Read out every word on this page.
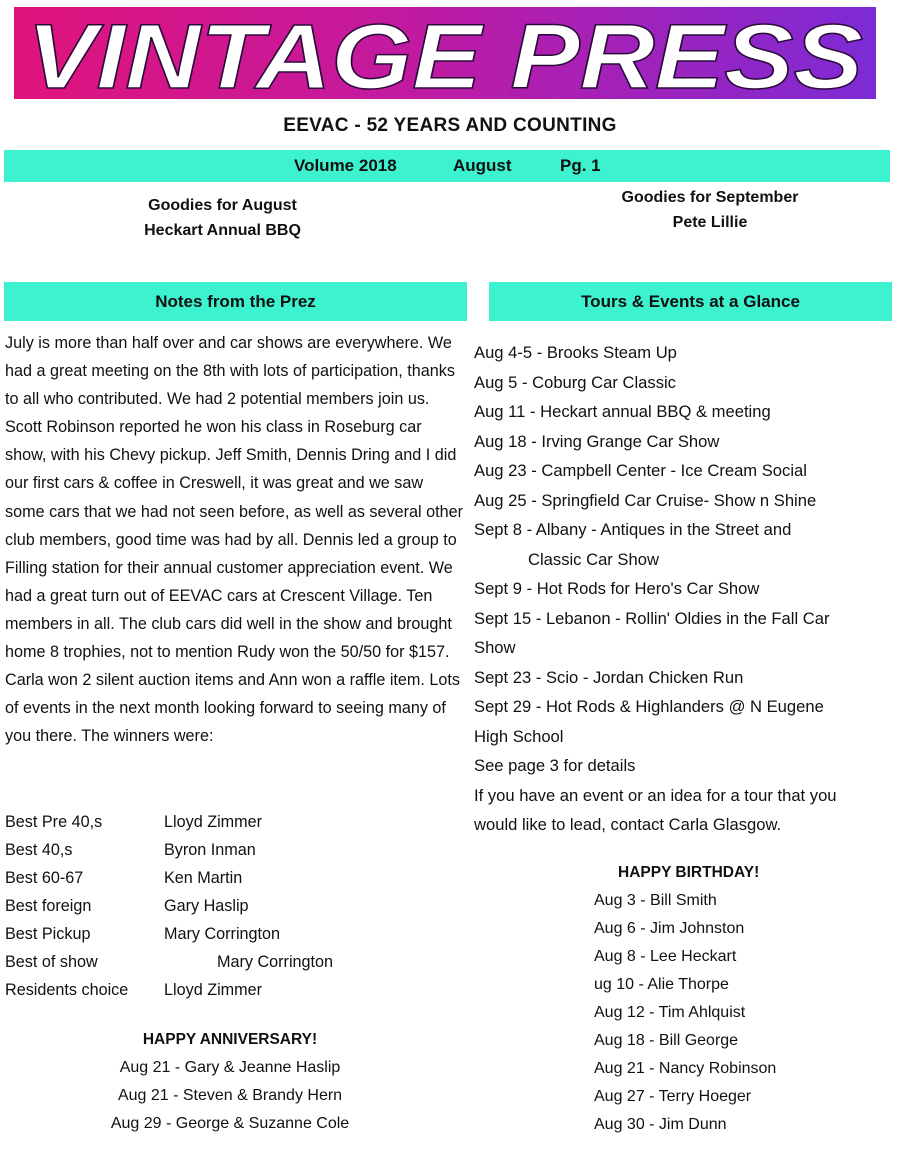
VINTAGE PRESS
EEVAC - 52 YEARS AND COUNTING
Volume 2018	August	Pg. 1
Goodies for August
Heckart Annual BBQ
Goodies for September
Pete Lillie
Notes from the Prez	Tours & Events at a Glance

July is more than half over and car shows are everywhere. We had a great meeting on the 8th with lots of participation, thanks to all who contributed. We had 2 potential members join us. Scott Robinson reported he won his class in Roseburg car show, with his Chevy pickup. Jeff Smith, Dennis Dring and I did our first cars & coffee in Creswell, it was great and we saw some cars that we had not seen before, as well as several other club members, good time was had by all. Dennis led a group to Filling station for their annual customer appreciation event. We had a great turn out of EEVAC cars at Crescent Village. Ten members in all. The club cars did well in the show and brought home 8 trophies, not to mention Rudy won the 50/50 for $157. Carla won 2 silent auction items and Ann won a raffle item. Lots of events in the next month looking forward to seeing many of you there. The winners were:

Best Pre 40,s	Lloyd Zimmer
Best 40,s	Byron Inman
Best 60-67	Ken Martin
Best foreign	Gary Haslip
Best Pickup	Mary Corrington
Best of show	Mary Corrington
Residents choice Lloyd Zimmer
HAPPY ANNIVERSARY!
Aug 21 - Gary & Jeanne Haslip
Aug 21 - Steven & Brandy Hern
Aug 29 - George & Suzanne Cole
Aug 4-5 - Brooks Steam Up
Aug 5 - Coburg Car Classic
Aug 11 - Heckart annual BBQ & meeting
Aug 18 - Irving Grange Car Show
Aug 23 - Campbell Center - Ice Cream Social
Aug 25 - Springfield Car Cruise- Show n Shine
Sept 8 - Albany - Antiques in the Street and
Classic Car Show
Sept 9 - Hot Rods for Hero's Car Show
Sept 15 - Lebanon - Rollin' Oldies in the Fall Car
Show
Sept 23 - Scio - Jordan Chicken Run
Sept 29 - Hot Rods & Highlanders @ N Eugene
High School
See page 3 for details
If you have an event or an idea for a tour that you
would like to lead, contact Carla Glasgow.
HAPPY BIRTHDAY!
Aug 3 - Bill Smith
Aug 6 - Jim Johnston
Aug 8 - Lee Heckart
ug 10 - Alie Thorpe
Aug 12 - Tim Ahlquist
Aug 18 - Bill George
Aug 21 - Nancy Robinson
Aug 27 - Terry Hoeger
Aug 30 - Jim Dunn
